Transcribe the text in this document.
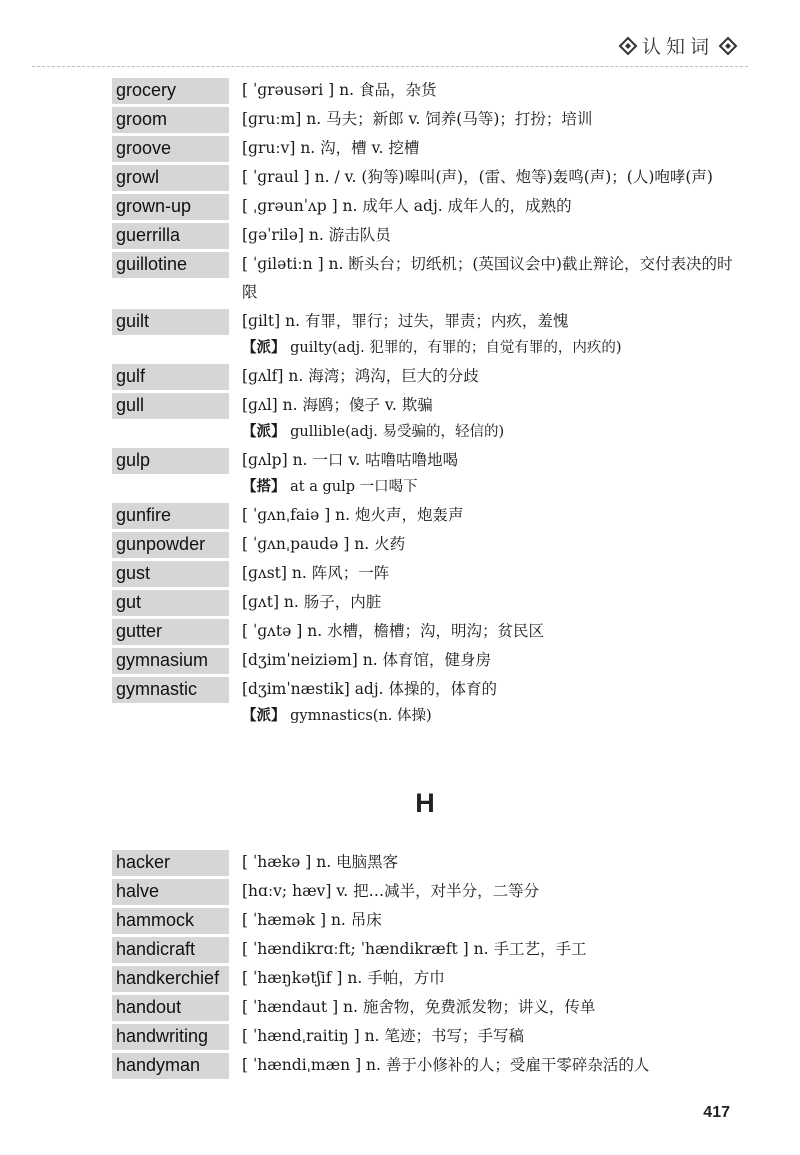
认知词
grocery	[ ˈɡrəusəri ] n. 食品，杂货
groom	[ɡruːm] n. 马夫；新郎 v. 饲养(马等)；打扮；培训
groove	[ɡruːv] n. 沟，槽 v. 挖槽
growl	[ ˈɡraul ] n. / v. (狗等)嗥叫(声)，(雷、炮等)轰鸣(声)；(人)咆哮(声)
grown-up	[ ˌɡrəunˈʌp ] n. 成年人 adj. 成年人的，成熟的
guerrilla	[ɡəˈrilə] n. 游击队员
guillotine	[ ˈɡilətiːn ] n. 断头台；切纸机；(英国议会中)截止辩论，交付表决的时限
guilt	[ɡilt] n. 有罪，罪行；过失，罪责；内疚，羞愧
【派】 guilty(adj. 犯罪的，有罪的；自觉有罪的，内疚的)
gulf	[ɡʌlf] n. 海湾；鸿沟，巨大的分歧
gull	[ɡʌl] n. 海鸥；傻子 v. 欺骗
【派】 gullible(adj. 易受骗的，轻信的)
gulp	[ɡʌlp] n. 一口 v. 咕噜咕噜地喝
【搭】 at a gulp 一口喝下
gunfire	[ ˈɡʌnˌfaiə ] n. 炮火声，炮轰声
gunpowder	[ ˈɡʌnˌpaudə ] n. 火药
gust	[ɡʌst] n. 阵风；一阵
gut	[ɡʌt] n. 肠子，内脏
gutter	[ ˈɡʌtə ] n. 水槽，檐槽；沟，明沟；贫民区
gymnasium	[dʒimˈneiziəm] n. 体育馆，健身房
gymnastic	[dʒimˈnæstik] adj. 体操的，体育的
【派】 gymnastics(n. 体操)
H
hacker	[ ˈhækə ] n. 电脑黑客
halve	[hɑːv; hæv] v. 把…减半，对半分，二等分
hammock	[ ˈhæmək ] n. 吊床
handicraft	[ ˈhændikrɑːft; ˈhændikræft ] n. 手工艺，手工
handkerchief	[ ˈhæŋkətʃif ] n. 手帕，方巾
handout	[ ˈhændaut ] n. 施舍物，免费派发物；讲义，传单
handwriting	[ ˈhændˌraitiŋ ] n. 笔迹；书写；手写稿
handyman	[ ˈhændiˌmæn ] n. 善于小修补的人；受雇干零碎杂活的人
417
